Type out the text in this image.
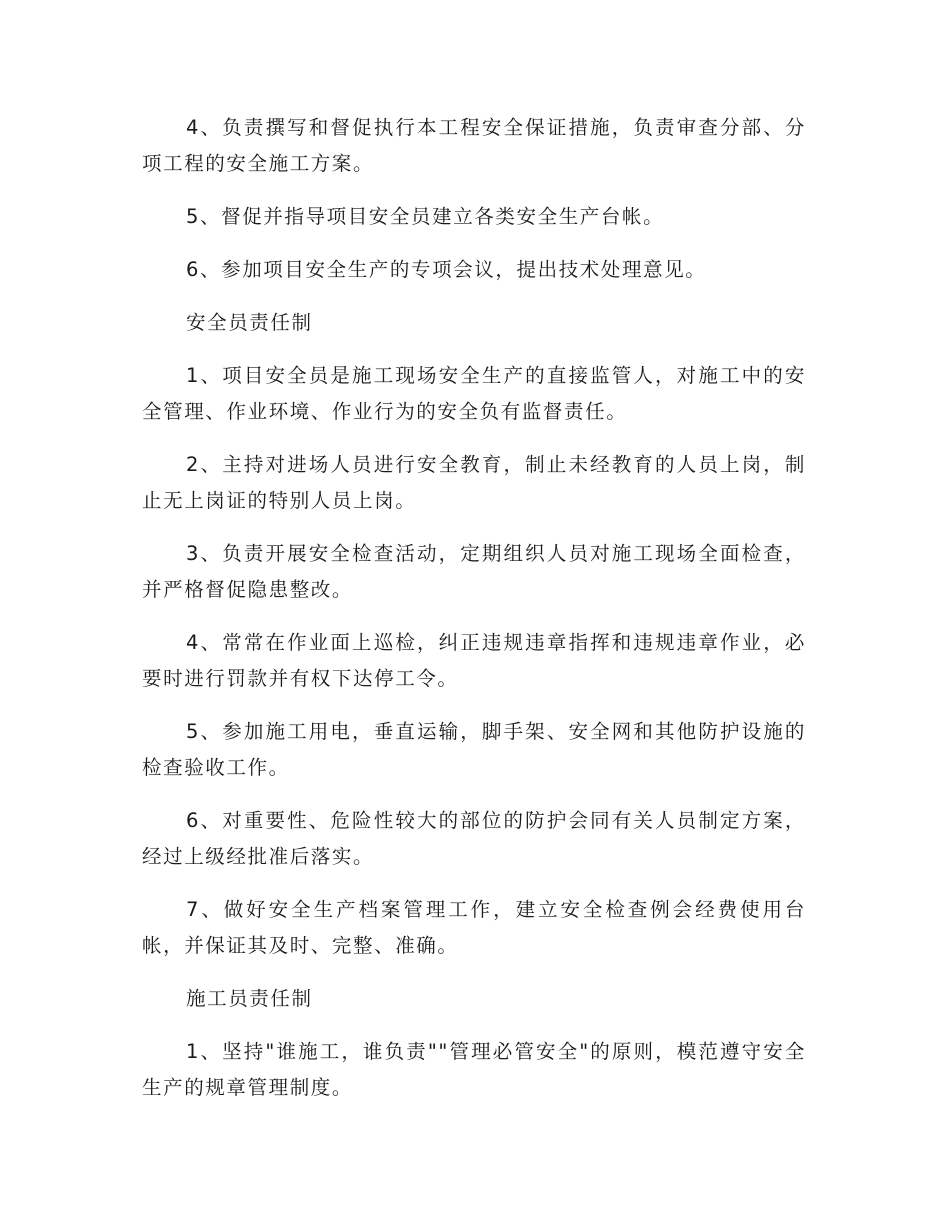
4、负责撰写和督促执行本工程安全保证措施，负责审查分部、分项工程的安全施工方案。

5、督促并指导项目安全员建立各类安全生产台帐。

6、参加项目安全生产的专项会议，提出技术处理意见。

安全员责任制

1、项目安全员是施工现场安全生产的直接监管人，对施工中的安全管理、作业环境、作业行为的安全负有监督责任。

2、主持对进场人员进行安全教育，制止未经教育的人员上岗，制止无上岗证的特别人员上岗。

3、负责开展安全检查活动，定期组织人员对施工现场全面检查，并严格督促隐患整改。

4、常常在作业面上巡检，纠正违规违章指挥和违规违章作业，必要时进行罚款并有权下达停工令。

5、参加施工用电，垂直运输，脚手架、安全网和其他防护设施的检查验收工作。

6、对重要性、危险性较大的部位的防护会同有关人员制定方案，经过上级经批准后落实。

7、做好安全生产档案管理工作，建立安全检查例会经费使用台帐，并保证其及时、完整、准确。

施工员责任制

1、坚持"谁施工，谁负责""管理必管安全"的原则，模范遵守安全生产的规章管理制度。
